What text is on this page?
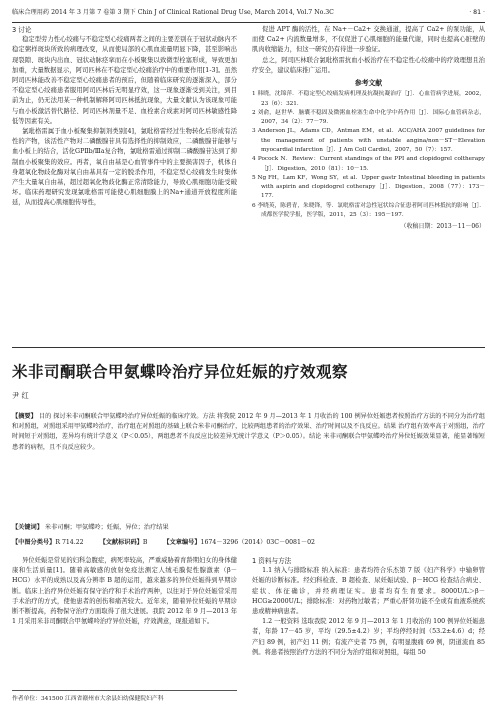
临床合理用药 2014 年 3 月第 7 卷第 3 期下 Chin J of Clinical Rational Drug Use, March 2014, Vol.7 No.3C	· 81 ·

3 讨论

稳定型劳力性心绞痛与不稳定型心绞痛两者之间的主要差别在于冠状动脉内不稳定粥样斑块所致的病理改变，从而使局部的心肌血流量明显下降，甚至影响出现裂隙、斑块内出血、冠状动脉痉挛而在小板聚集以致微型栓塞形成，导致更加加重，大量数据显示，阿司匹林在不稳定型心绞痛治疗中的重要作用[1-3]。虽然阿司匹林能改善不稳定型心绞痛患者的预后，但随着临床研究的逐渐深入，部分不稳定型心绞痛患者服用阿司匹林后无明显疗效，这一现象逐渐受到关注，到目前为止，仍无法用某一种机制解释阿司匹林抵抗现象，大量文献认为该现象可能与血小板激活替代路径、阿司匹林剂量不足、血栓素合成素对阿司匹林敏感性降低等因素有关。

氯吡格雷属于血小板聚集抑制剂类别[4]，氯吡格雷经过生物转化后形成有活性的产物，该活性产物对二磷酸腺苷具有选择性的抑制效应，二磷酸腺苷能够与血小板上的结合，活化GPⅡb/Ⅲa复合物，氯吡格雷通过抑制二磷酸腺苷达到了抑制血小板聚集的效应。再者，氧自由基是心血管事件中的主要损害因子，机体自身超氧化物歧化酶对氧自由基具有一定的脱杀作用，不稳定型心绞痛发生时集体产生大量氧自由基，超过超氧化物歧化酶正常清除能力，导致心肌细胞功能受破坏。临床药理研究发现氯吡格雷可能使心肌细胞膜上的Na+通道开放程度所能延，从而提高心肌细胞传导性，

促进 APT 酶的活性，在 Na+－Ca2+ 交换通道，提高了 Ca2+ 的泵功能，从而使 Ca2+ 内流数量增多，不仅促进了心肌细胞的能量代谢，同时也提高心脏壁的肌肉收缩能力，但这一研究仍有待进一步验证。

总之，阿司匹林联合氯吡格雷抗血小板治疗在不稳定性心绞痛中的疗效理想且治疗安全，建议临床推广运用。

参考文献
1 韩晓，沈锦萍．不稳定型心绞痛发病机理及抗凝抗凝治疗［J］．心血管病学进展，2002，23（6）：321．
2 刘俞，赵世华．脑囊不稳固及微粥血栓塞生命中化学中药作用［J］．国际心血管病杂志，2007，34（2）：77－79．
3 Anderson JL，Adams CD，Antman EM，et al．ACC/AHA 2007 guidelines for the management of patients with unstable angina/non－ST－Elevation myocardial infarction［J］．J Am Coll Cardiol，2007，50（7）：157．
4 Pocock N．Review：Current standings of the PPI and clopidogrel coltherapy［J］．Digestion，2010（81）：10－15．
5 Ng FH，Lam KF，Wong SY，et al．Upper gastr Intestinal bleeding in patients with aspirin and clopidogrel cotherapy［J］．Digestion，2008（77）：173－177．
6 李晓英，陈碧青，朱晓锋，等．氯吡格雷对急性冠状综合征患者阿司匹林抵抗的影响［J］．成都医学院学报，医学版，2011，25（3）：195－197．
（收稿日期：2013－11－06）
米非司酮联合甲氨蝶呤治疗异位妊娠的疗效观察
尹 红
【摘要】 目的 探讨米非司酮联合甲氨蝶呤治疗异位妊娠的临床疗效。方法 将我院 2012 年 9 月—2013 年 1 月收治的 100 例异位妊娠患者按照治疗方法的不同分为治疗组和对照组，对照组采用甲氨蝶呤治疗，治疗组在对照组的基础上联合米非司酮治疗，比较两组患者的治疗效果、治疗时间以及不良反应。结果 治疗组有效率高于对照组，治疗时间短于对照组，差异均有统计学意义（P＜0.05），两组患者不良反应比较差异无统计学意义（P＞0.05）。结论 米非司酮联合甲氨蝶呤治疗异位妊娠效果显著，能显著缩短患者的病程，且不良反应较少。
【关键词】 米非司酮；甲氨蝶呤；妊娠，异位；治疗结果
【中图分类号】R 714.22	【文献标识码】B	【文章编号】1674－3296（2014）03C－0081－02

异位妊娠是常见的妇科急腹症，病死率较高，严重威胁着育龄期妇女的身体健康和生活质量[1]。随着高敏感的放射免疫法测定人绒毛膜促性腺激素（β－HCG）水平的成熟以及高分辨率 B 超的运用，越来越多的异位妊娠得到早期诊断。临床上治疗异位妊娠有保守治疗和手术治疗两种，以往对于异位妊娠常采用手术治疗的方式，使他患者的创伤和痛苦较大。近年来，随着异位妊娠的早期诊断不断提高，药物保守治疗方面取得了很大进展。我院 2012 年 9 月—2013 年 1 月采用米非司酮联合甲氨蝶呤治疗异位妊娠，疗效满意，现报道如下。

1 资料与方法

1.1 纳入与排除标准 纳入标准：患者均符合乐杰第 7 版《妇产科学》中输卵管妊娠的诊断标准。经妇科检查、B 超检查、尿妊娠试验、β－HCG 检查结合病史、症状、体征确诊，并经病理证实。患者均有生育要求。8000U/L＞β－HCG≥2000U/L；排除标准：对药物过敏者；严重心肝肾功能不全或有血液系统疾患或精神病患者。

1.2 一般资料 选取我院 2012 年 9 月—2013 年 1 月收治的 100 例异位妊娠患者，年龄 17－45 岁，平均（29.5±4.2）岁；平均停经时间（53.2±4.6）d；经产妇 89 例，初产妇 11 例；有流产史者 75 例，有明显腹痛 69 例，阴道流血 85 例。将患者按照治疗方法的不同分为治疗组和对照组，每组 50

作者单位：341500 江西省赣州市大余县妇幼保健院妇产科
